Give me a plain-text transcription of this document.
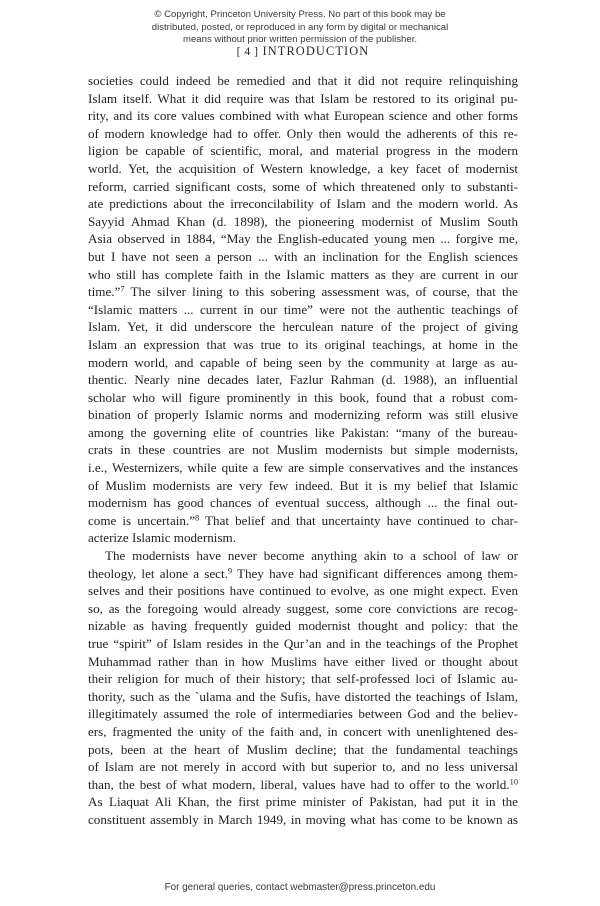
© Copyright, Princeton University Press. No part of this book may be
distributed, posted, or reproduced in any form by digital or mechanical
means without prior written permission of the publisher.
[ 4 ] INTRODUCTION
societies could indeed be remedied and that it did not require relinquishing
Islam itself. What it did require was that Islam be restored to its original pu-
rity, and its core values combined with what European science and other forms
of modern knowledge had to offer. Only then would the adherents of this re-
ligion be capable of scientific, moral, and material progress in the modern
world. Yet, the acquisition of Western knowledge, a key facet of modernist
reform, carried significant costs, some of which threatened only to substanti-
ate predictions about the irreconcilability of Islam and the modern world. As
Sayyid Ahmad Khan (d. 1898), the pioneering modernist of Muslim South
Asia observed in 1884, “May the English-educated young men ... forgive me,
but I have not seen a person ... with an inclination for the English sciences
who still has complete faith in the Islamic matters as they are current in our
time.”$^7$ The silver lining to this sobering assessment was, of course, that the
“Islamic matters ... current in our time” were not the authentic teachings of
Islam. Yet, it did underscore the herculean nature of the project of giving
Islam an expression that was true to its original teachings, at home in the
modern world, and capable of being seen by the community at large as au-
thentic. Nearly nine decades later, Fazlur Rahman (d. 1988), an influential
scholar who will figure prominently in this book, found that a robust com-
bination of properly Islamic norms and modernizing reform was still elusive
among the governing elite of countries like Pakistan: “many of the bureau-
crats in these countries are not Muslim modernists but simple modernists,
i.e., Westernizers, while quite a few are simple conservatives and the instances
of Muslim modernists are very few indeed. But it is my belief that Islamic
modernism has good chances of eventual success, although ... the final out-
come is uncertain.”$^8$ That belief and that uncertainty have continued to char-
acterize Islamic modernism.
The modernists have never become anything akin to a school of law or
theology, let alone a sect.$^9$ They have had significant differences among them-
selves and their positions have continued to evolve, as one might expect. Even
so, as the foregoing would already suggest, some core convictions are recog-
nizable as having frequently guided modernist thought and policy: that the
true “spirit” of Islam resides in the Qur’an and in the teachings of the Prophet
Muhammad rather than in how Muslims have either lived or thought about
their religion for much of their history; that self-professed loci of Islamic au-
thority, such as the `ulama and the Sufis, have distorted the teachings of Islam,
illegitimately assumed the role of intermediaries between God and the believ-
ers, fragmented the unity of the faith and, in concert with unenlightened des-
pots, been at the heart of Muslim decline; that the fundamental teachings
of Islam are not merely in accord with but superior to, and no less universal
than, the best of what modern, liberal, values have had to offer to the world.$^{10}$
As Liaquat Ali Khan, the first prime minister of Pakistan, had put it in the
constituent assembly in March 1949, in moving what has come to be known as
For general queries, contact webmaster@press.princeton.edu
